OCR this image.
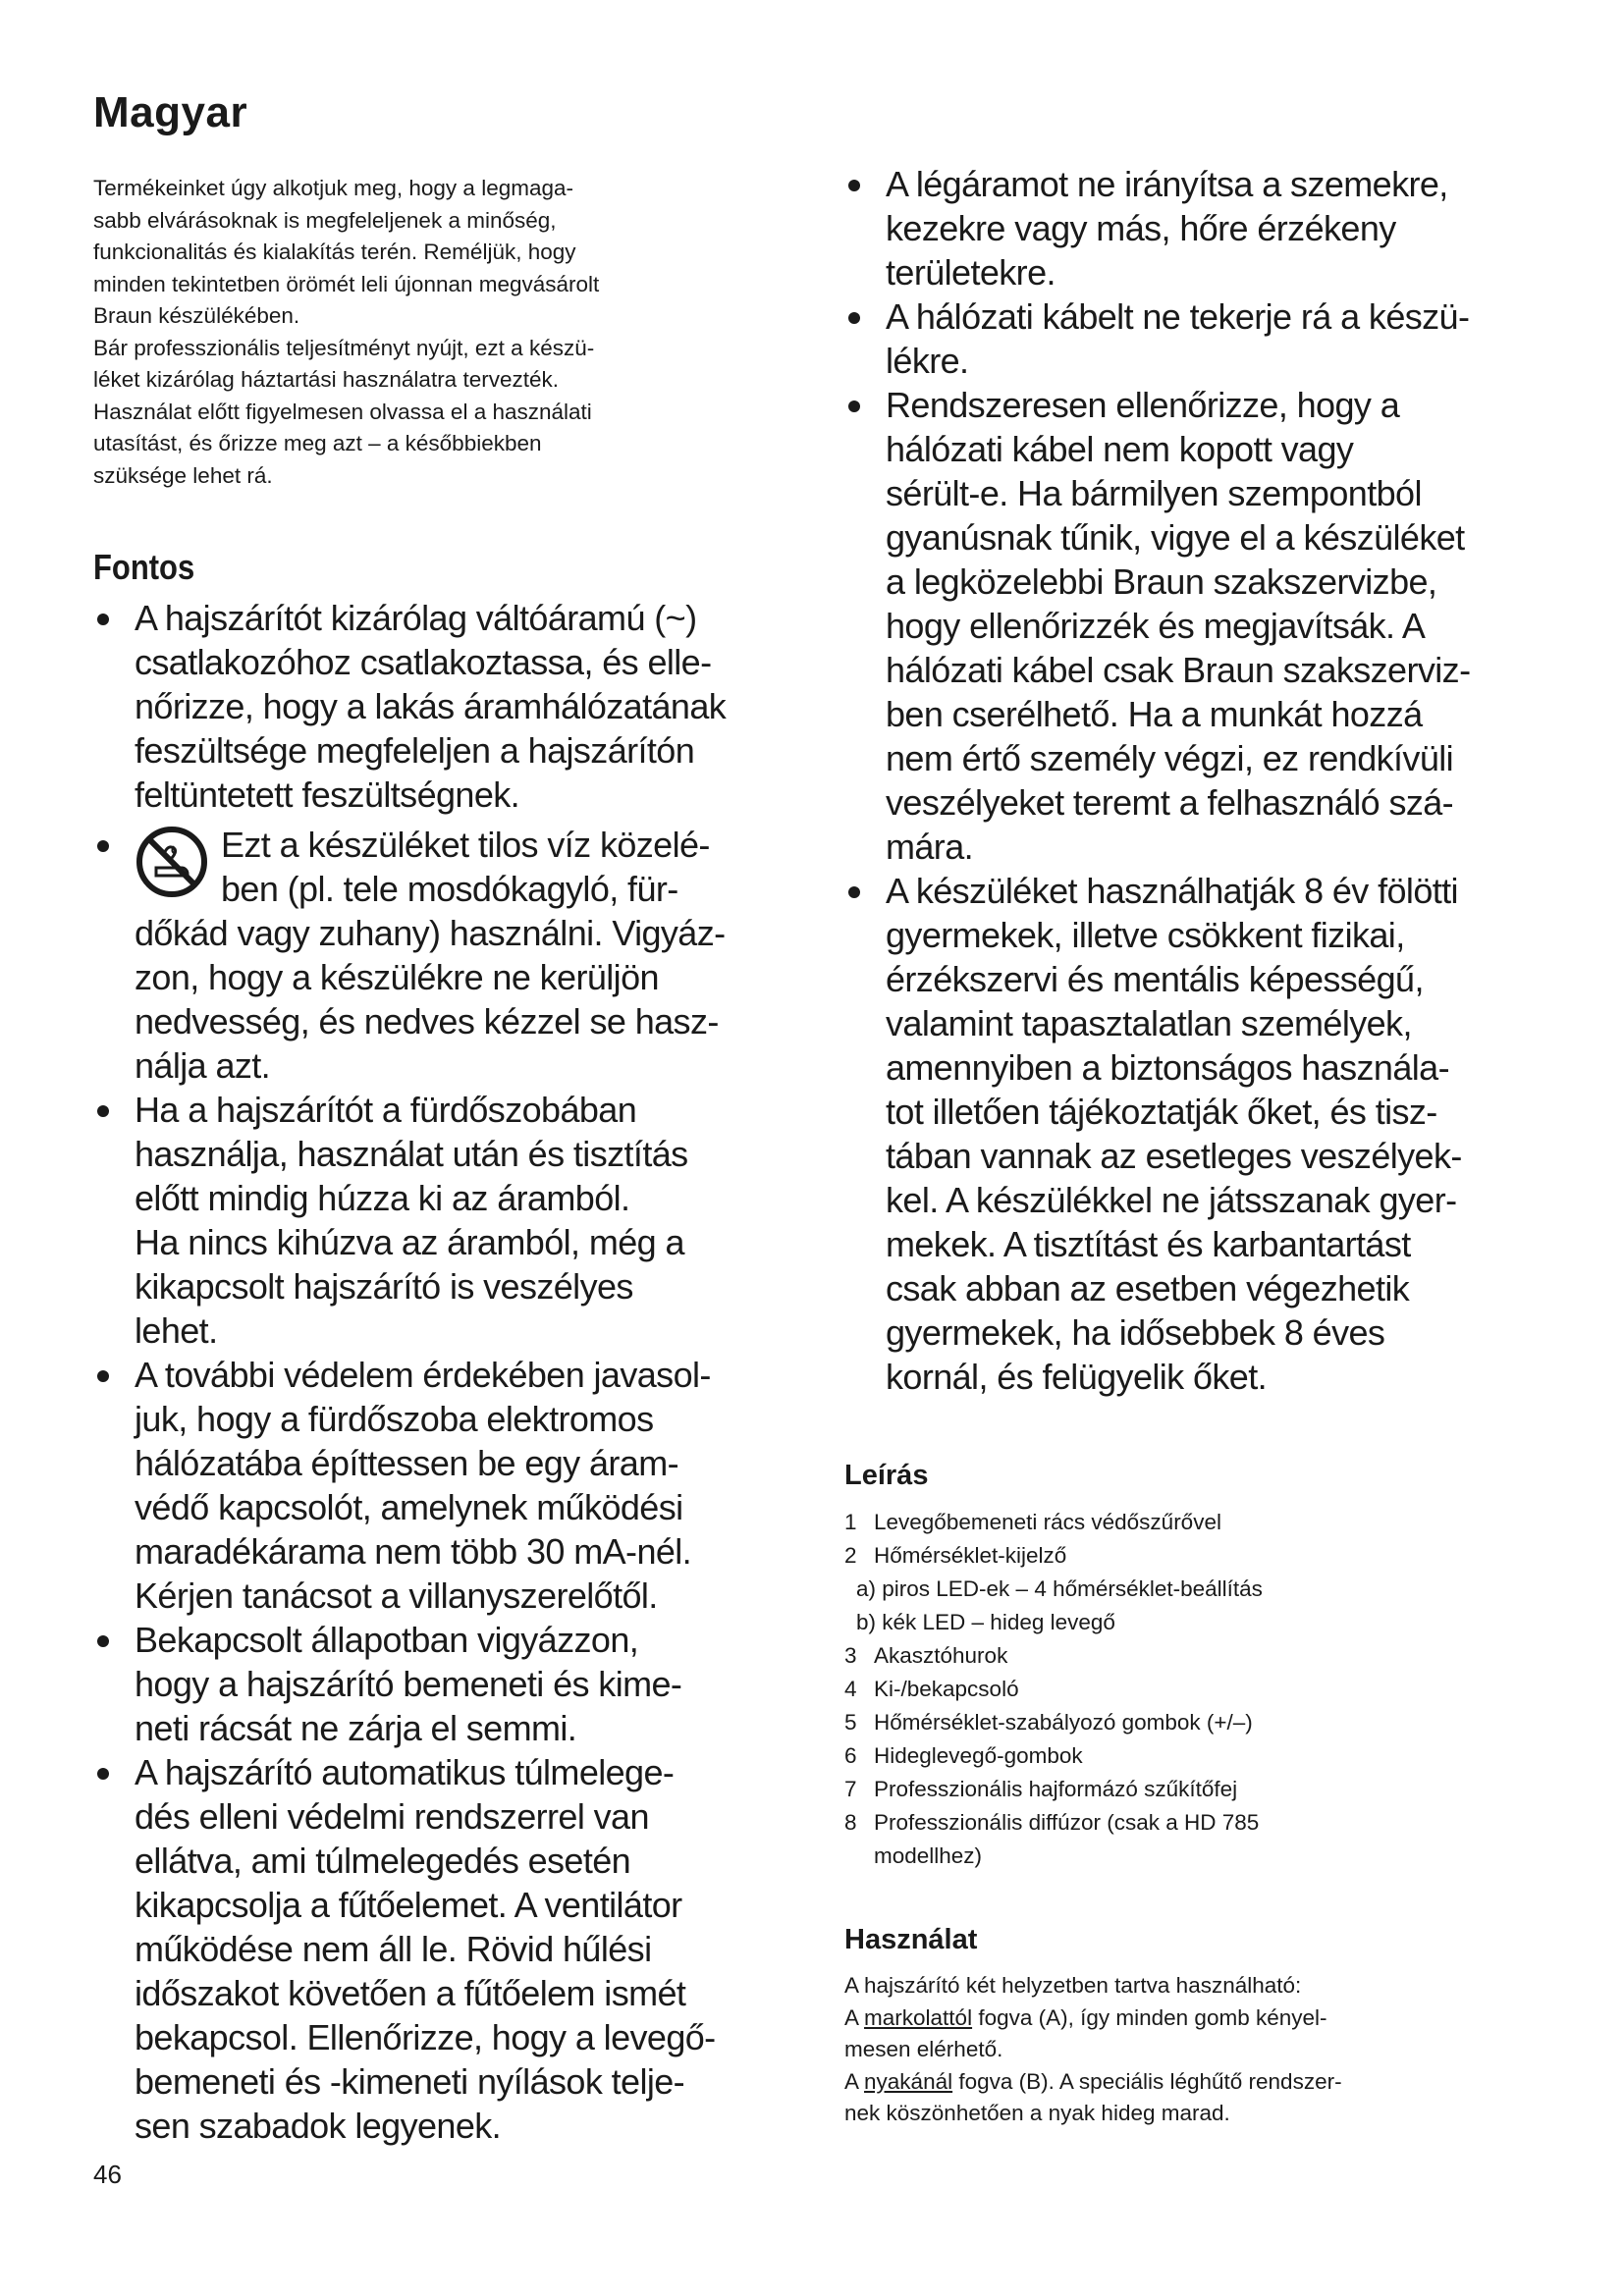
Magyar

Termékeinket úgy alkotjuk meg, hogy a legmaga-
sabb elvárásoknak is megfeleljenek a minőség,
funkcionalitás és kialakítás terén. Reméljük, hogy
minden tekintetben örömét leli újonnan megvásárolt
Braun készülékében.

Bár professzionális teljesítményt nyújt, ezt a készü-
léket kizárólag háztartási használatra tervezték.
Használat előtt figyelmesen olvassa el a használati
utasítást, és őrizze meg azt – a későbbiekben
szüksége lehet rá.

Fontos
A hajszárítót kizárólag váltóáramú (~)
csatlakozóhoz csatlakoztassa, és elle-
nőrizze, hogy a lakás áramhálózatának
feszültsége megfeleljen a hajszárítón
feltüntetett feszültségnek.
Ezt a készüléket tilos víz közelé-
ben (pl. tele mosdókagyló, für-
dőkád vagy zuhany) használni. Vigyáz-
zon, hogy a készülékre ne kerüljön
nedvesség, és nedves kézzel se hasz-
nálja azt.
Ha a hajszárítót a fürdőszobában
használja, használat után és tisztítás
előtt mindig húzza ki az áramból.
Ha nincs kihúzva az áramból, még a
kikapcsolt hajszárító is veszélyes
lehet.
A további védelem érdekében javasol-
juk, hogy a fürdőszoba elektromos
hálózatába építtessen be egy áram-
védő kapcsolót, amelynek működési
maradékárama nem több 30 mA-nél.
Kérjen tanácsot a villanyszerelőtől.
Bekapcsolt állapotban vigyázzon,
hogy a hajszárító bemeneti és kime-
neti rácsát ne zárja el semmi.
A hajszárító automatikus túlmelege-
dés elleni védelmi rendszerrel van
ellátva, ami túlmelegedés esetén
kikapcsolja a fűtőelemet. A ventilátor
működése nem áll le. Rövid hűlési
időszakot követően a fűtőelem ismét
bekapcsol. Ellenőrizze, hogy a levegő-
bemeneti és -kimeneti nyílások telje-
sen szabadok legyenek.
A légáramot ne irányítsa a szemekre,
kezekre vagy más, hőre érzékeny
területekre.
A hálózati kábelt ne tekerje rá a készü-
lékre.
Rendszeresen ellenőrizze, hogy a
hálózati kábel nem kopott vagy
sérült-e. Ha bármilyen szempontból
gyanúsnak tűnik, vigye el a készüléket
a legközelebbi Braun szakszervizbe,
hogy ellenőrizzék és megjavítsák. A
hálózati kábel csak Braun szakszerviz-
ben cserélhető. Ha a munkát hozzá
nem értő személy végzi, ez rendkívüli
veszélyeket teremt a felhasználó szá-
mára.
A készüléket használhatják 8 év fölötti
gyermekek, illetve csökkent fizikai,
érzékszervi és mentális képességű,
valamint tapasztalatlan személyek,
amennyiben a biztonságos használa-
tot illetően tájékoztatják őket, és tisz-
tában vannak az esetleges veszélyek-
kel. A készülékkel ne játsszanak gyer-
mekek. A tisztítást és karbantartást
csak abban az esetben végezhetik
gyermekek, ha idősebbek 8 éves
kornál, és felügyelik őket.
Leírás
1 Levegőbemeneti rács védőszűrővel
2 Hőmérséklet-kijelző
a) piros LED-ek – 4 hőmérséklet-beállítás
b) kék LED – hideg levegő
3 Akasztóhurok
4 Ki-/bekapcsoló
5 Hőmérséklet-szabályozó gombok (+/–)
6 Hideglevegő-gombok
7 Professzionális hajformázó szűkítőfej
8 Professzionális diffúzor (csak a HD 785
modellhez)
Használat

A hajszárító két helyzetben tartva használható:

A markolattól fogva (A), így minden gomb kényel-
mesen elérhető.

A nyakánál fogva (B). A speciális léghűtő rendszer-
nek köszönhetően a nyak hideg marad.

46
